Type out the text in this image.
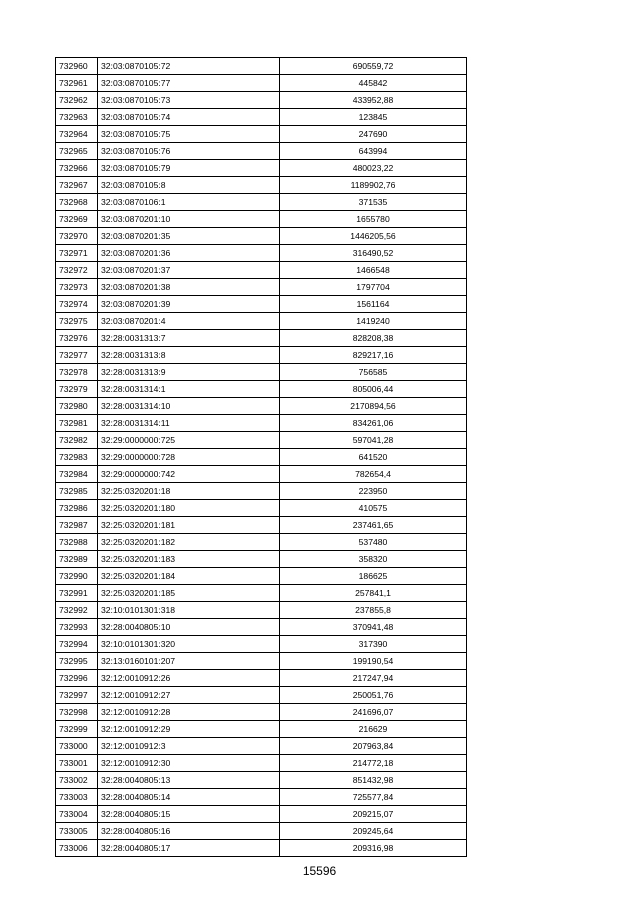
732960	32:03:0870105:72	690559,72
732961	32:03:0870105:77	445842
732962	32:03:0870105:73	433952,88
732963	32:03:0870105:74	123845
732964	32:03:0870105:75	247690
732965	32:03:0870105:76	643994
732966	32:03:0870105:79	480023,22
732967	32:03:0870105:8	1189902,76
732968	32:03:0870106:1	371535
732969	32:03:0870201:10	1655780
732970	32:03:0870201:35	1446205,56
732971	32:03:0870201:36	316490,52
732972	32:03:0870201:37	1466548
732973	32:03:0870201:38	1797704
732974	32:03:0870201:39	1561164
732975	32:03:0870201:4	1419240
732976	32:28:0031313:7	828208,38
732977	32:28:0031313:8	829217,16
732978	32:28:0031313:9	756585
732979	32:28:0031314:1	805006,44
732980	32:28:0031314:10	2170894,56
732981	32:28:0031314:11	834261,06
732982	32:29:0000000:725	597041,28
732983	32:29:0000000:728	641520
732984	32:29:0000000:742	782654,4
732985	32:25:0320201:18	223950
732986	32:25:0320201:180	410575
732987	32:25:0320201:181	237461,65
732988	32:25:0320201:182	537480
732989	32:25:0320201:183	358320
732990	32:25:0320201:184	186625
732991	32:25:0320201:185	257841,1
732992	32:10:0101301:318	237855,8
732993	32:28:0040805:10	370941,48
732994	32:10:0101301:320	317390
732995	32:13:0160101:207	199190,54
732996	32:12:0010912:26	217247,94
732997	32:12:0010912:27	250051,76
732998	32:12:0010912:28	241696,07
732999	32:12:0010912:29	216629
733000	32:12:0010912:3	207963,84
733001	32:12:0010912:30	214772,18
733002	32:28:0040805:13	851432,98
733003	32:28:0040805:14	725577,84
733004	32:28:0040805:15	209215,07
733005	32:28:0040805:16	209245,64
733006	32:28:0040805:17	209316,98
15596
